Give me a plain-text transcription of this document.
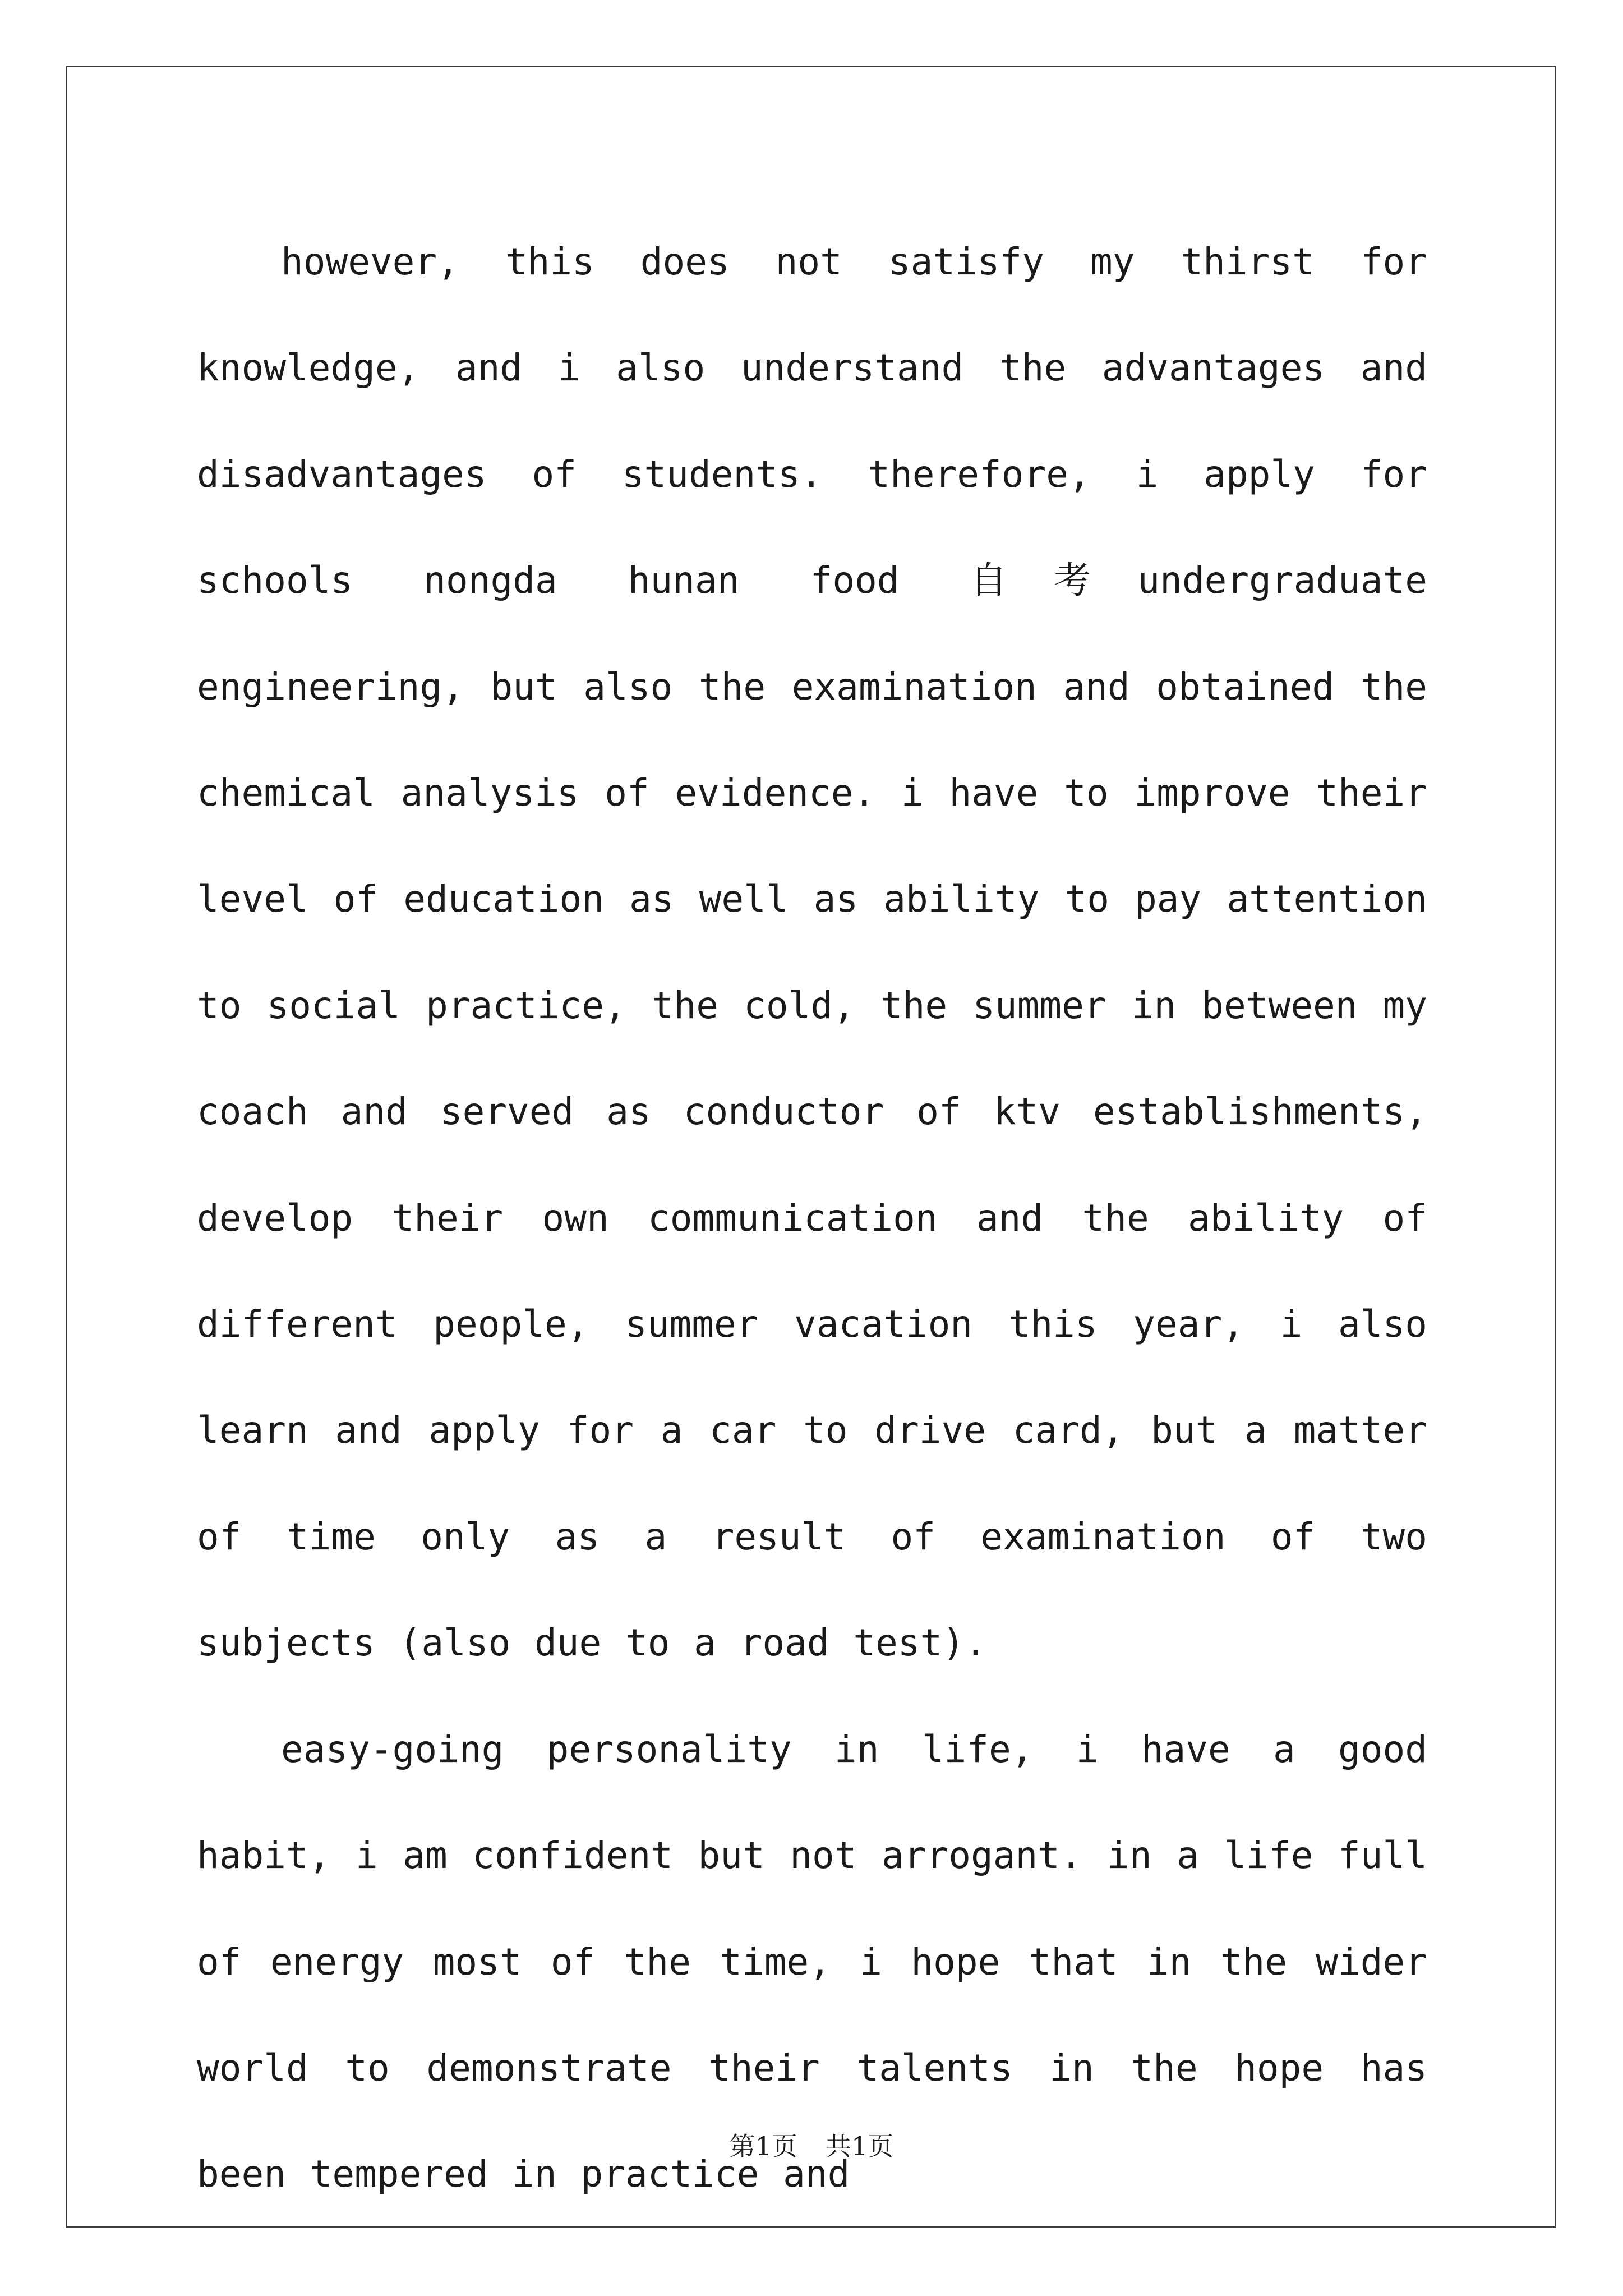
however, this does not satisfy my thirst for knowledge, and i also understand the advantages and disadvantages of students. therefore, i apply for schools nongda hunan food 自考undergraduate engineering, but also the examination and obtained the chemical analysis of evidence. i have to improve their level of education as well as ability to pay attention to social practice, the cold, the summer in between my coach and served as conductor of ktv establishments, develop their own communication and the ability of different people, summer vacation this year, i also learn and apply for a car to drive card, but a matter of time only as a result of examination of two subjects (also due to a road test).

easy-going personality in life, i have a good habit, i am confident but not arrogant. in a life full of energy most of the time, i hope that in the wider world to demonstrate their talents in the hope has been tempered in practice and

第1页 共1页
